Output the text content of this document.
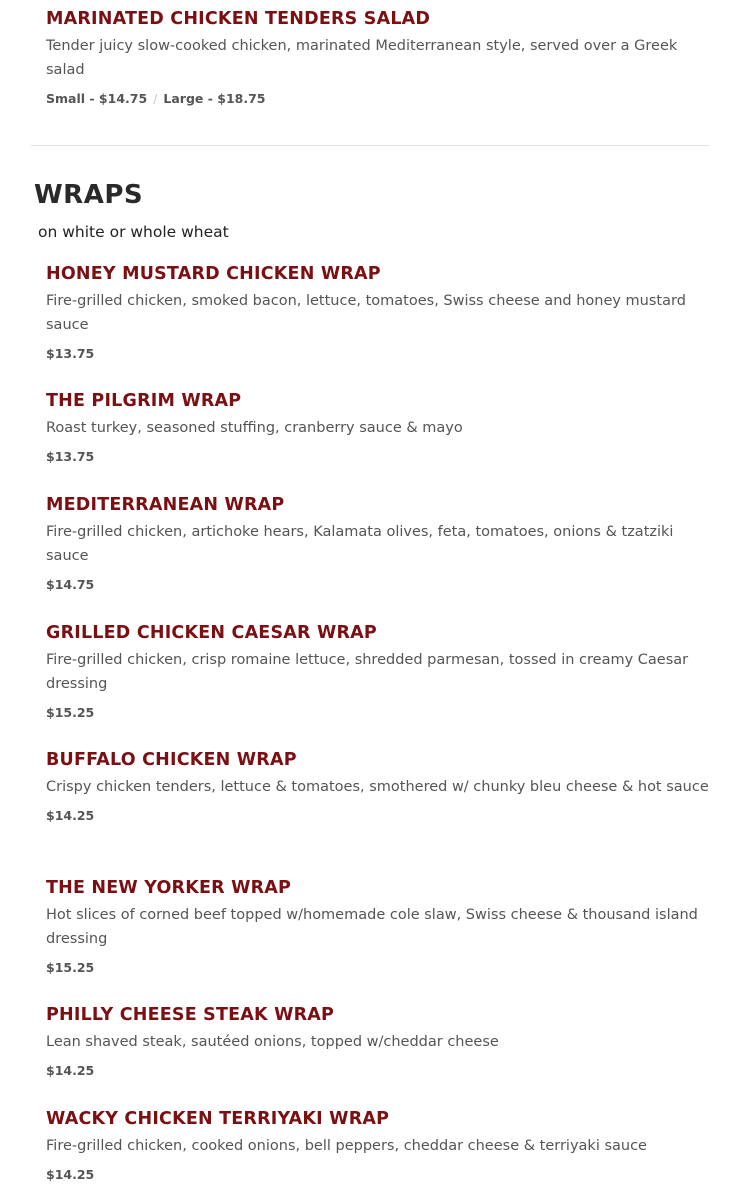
MARINATED CHICKEN TENDERS SALAD

Tender juicy slow-cooked chicken, marinated Mediterranean style, served over a Greek salad

Small - $14.75 / Large - $18.75
WRAPS

on white or whole wheat

HONEY MUSTARD CHICKEN WRAP

Fire-grilled chicken, smoked bacon, lettuce, tomatoes, Swiss cheese and honey mustard sauce

$13.75
THE PILGRIM WRAP

Roast turkey, seasoned stuffing, cranberry sauce & mayo

$13.75
MEDITERRANEAN WRAP

Fire-grilled chicken, artichoke hears, Kalamata olives, feta, tomatoes, onions & tzatziki sauce

$14.75
GRILLED CHICKEN CAESAR WRAP

Fire-grilled chicken, crisp romaine lettuce, shredded parmesan, tossed in creamy Caesar dressing

$15.25
BUFFALO CHICKEN WRAP

Crispy chicken tenders, lettuce & tomatoes, smothered w/ chunky bleu cheese & hot sauce

$14.25
THE NEW YORKER WRAP

Hot slices of corned beef topped w/homemade cole slaw, Swiss cheese & thousand island dressing

$15.25
PHILLY CHEESE STEAK WRAP

Lean shaved steak, sautéed onions, topped w/cheddar cheese

$14.25
WACKY CHICKEN TERRIYAKI WRAP

Fire-grilled chicken, cooked onions, bell peppers, cheddar cheese & terriyaki sauce

$14.25
